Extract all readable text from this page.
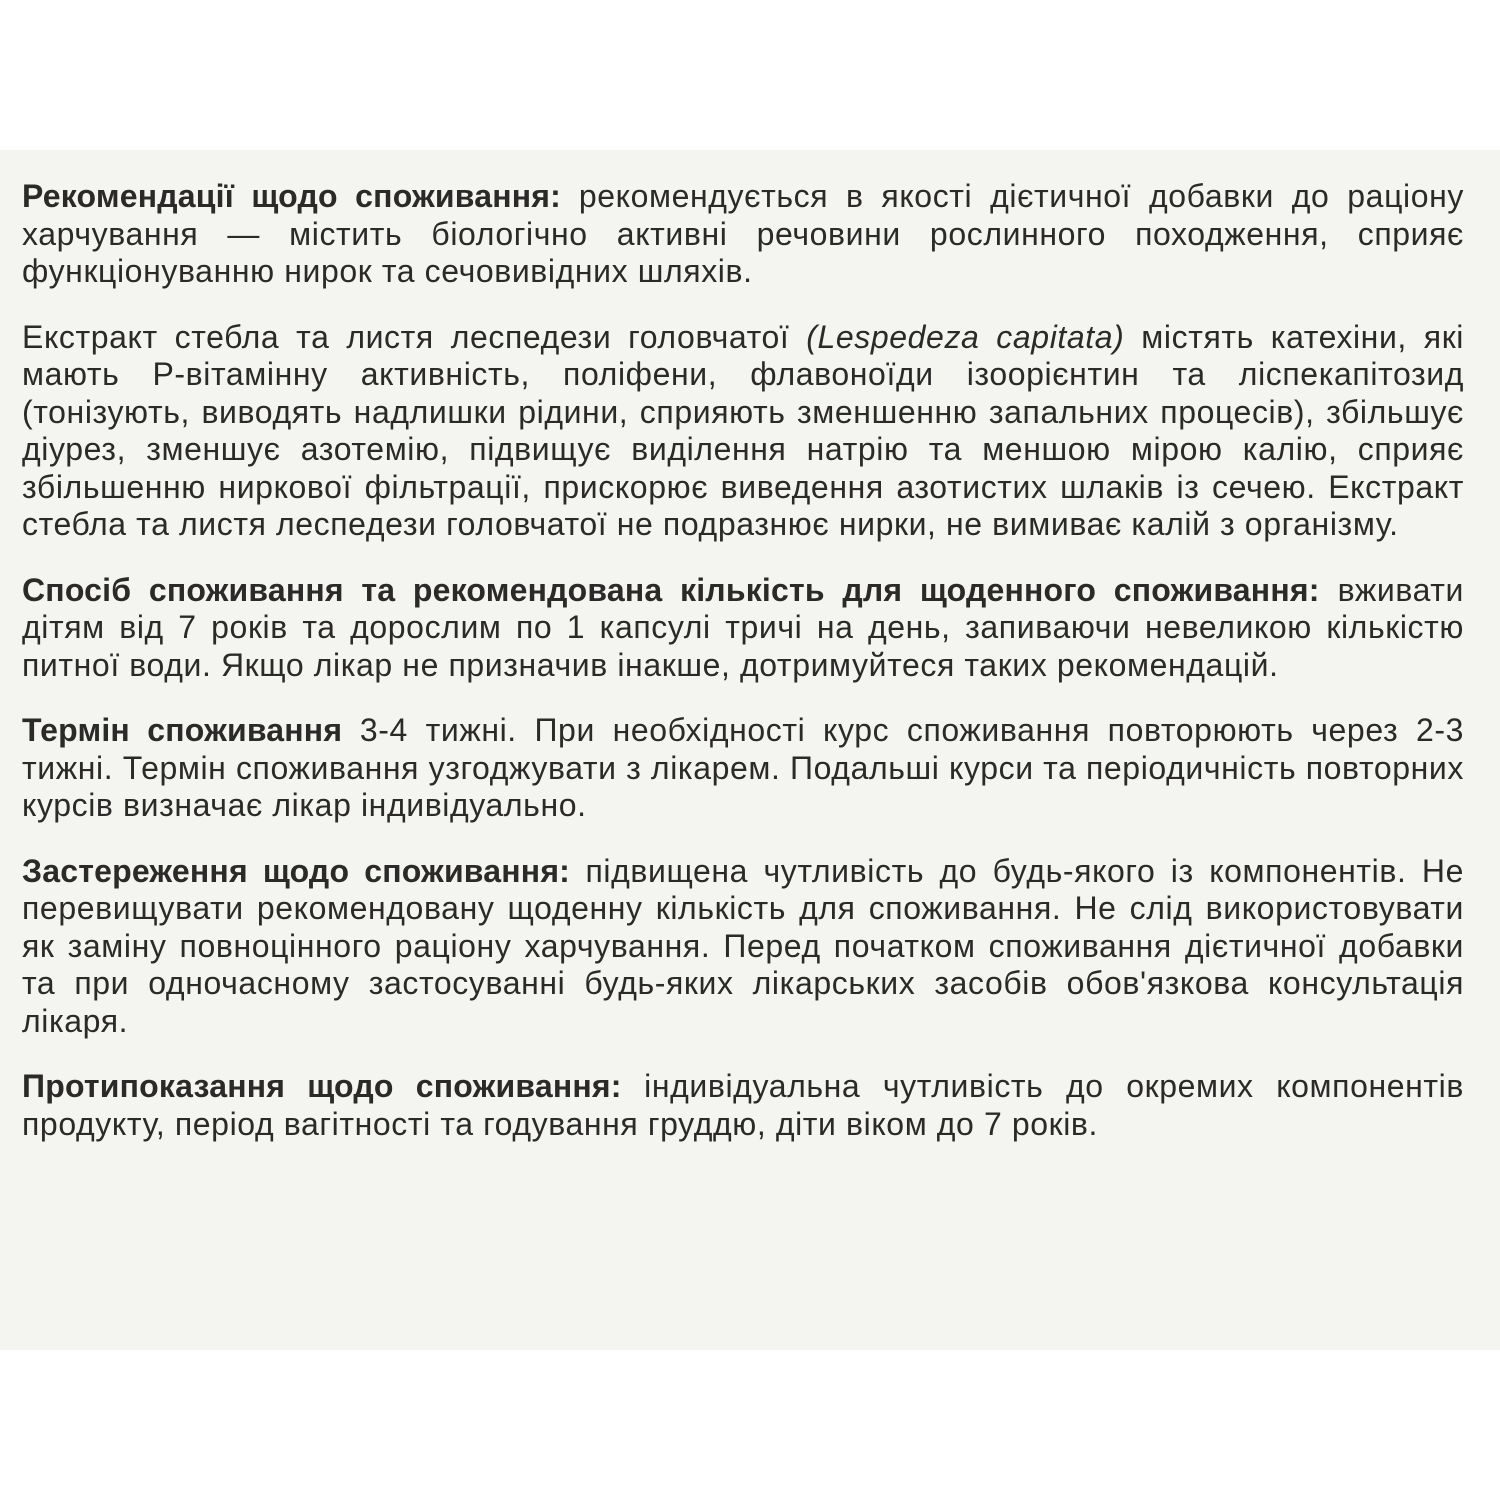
Рекомендації щодо споживання: рекомендується в якості дієтичної добавки до раціону харчування — містить біологічно активні речовини рослинного походження, сприяє функціонуванню нирок та сечовивідних шляхів.

Екстракт стебла та листя леспедези головчатої (Lespedeza capitata) містять катехіни, які мають Р-вітамінну активність, поліфени, флавоноїди ізоорієнтин та ліспекапітозид (тонізують, виводять надлишки рідини, сприяють зменшенню запальних процесів), збільшує діурез, зменшує азотемію, підвищує виділення натрію та меншою мірою калію, сприяє збільшенню ниркової фільтрації, прискорює виведення азотистих шлаків із сечею. Екстракт стебла та листя леспедези головчатої не подразнює нирки, не вимиває калій з організму.

Спосіб споживання та рекомендована кількість для щоденного споживання: вживати дітям від 7 років та дорослим по 1 капсулі тричі на день, запиваючи невеликою кількістю питної води. Якщо лікар не призначив інакше, дотримуйтеся таких рекомендацій.

Термін споживання 3-4 тижні. При необхідності курс споживання повторюють через 2-3 тижні. Термін споживання узгоджувати з лікарем. Подальші курси та періодичність повторних курсів визначає лікар індивідуально.

Застереження щодо споживання: підвищена чутливість до будь-якого із компонентів. Не перевищувати рекомендовану щоденну кількість для споживання. Не слід використовувати як заміну повноцінного раціону харчування. Перед початком споживання дієтичної добавки та при одночасному застосуванні будь-яких лікарських засобів обов'язкова консультація лікаря.

Протипоказання щодо споживання: індивідуальна чутливість до окремих компонентів продукту, період вагітності та годування груддю, діти віком до 7 років.
